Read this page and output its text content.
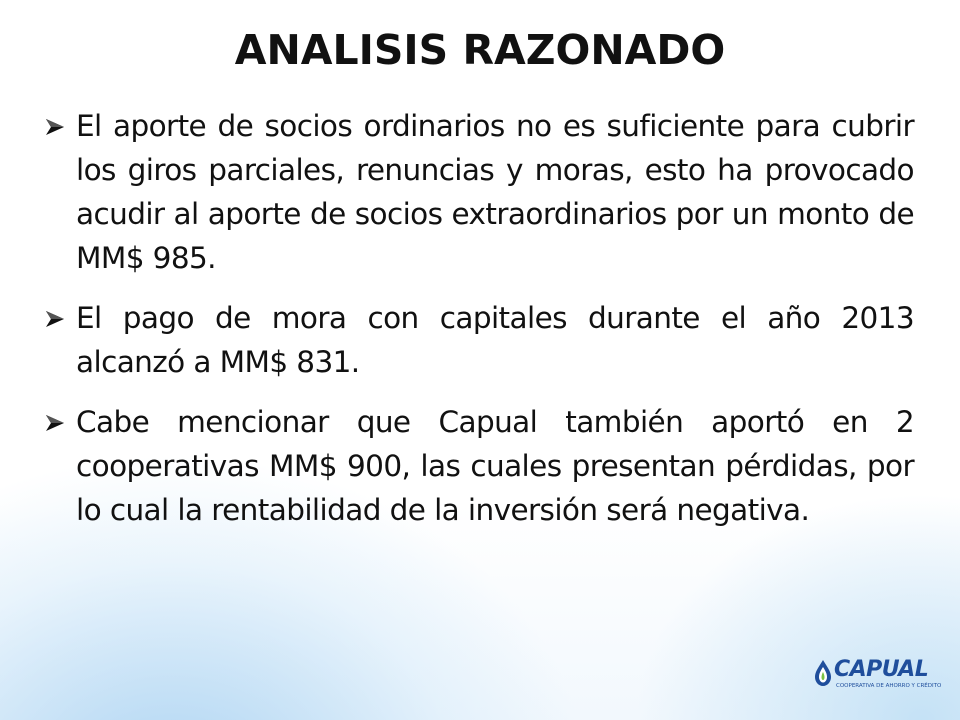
ANALISIS RAZONADO
El aporte de socios ordinarios no es suficiente para cubrir los giros parciales, renuncias y moras, esto ha provocado acudir al aporte de socios extraordinarios por un monto de MM$ 985.
El pago de mora con capitales durante el año 2013 alcanzó a MM$ 831.
Cabe mencionar que Capual también aportó en 2 cooperativas MM$ 900, las cuales presentan pérdidas, por lo cual la rentabilidad de la inversión será negativa.
CAPUAL
COOPERATIVA DE AHORRO Y CRÉDITO
